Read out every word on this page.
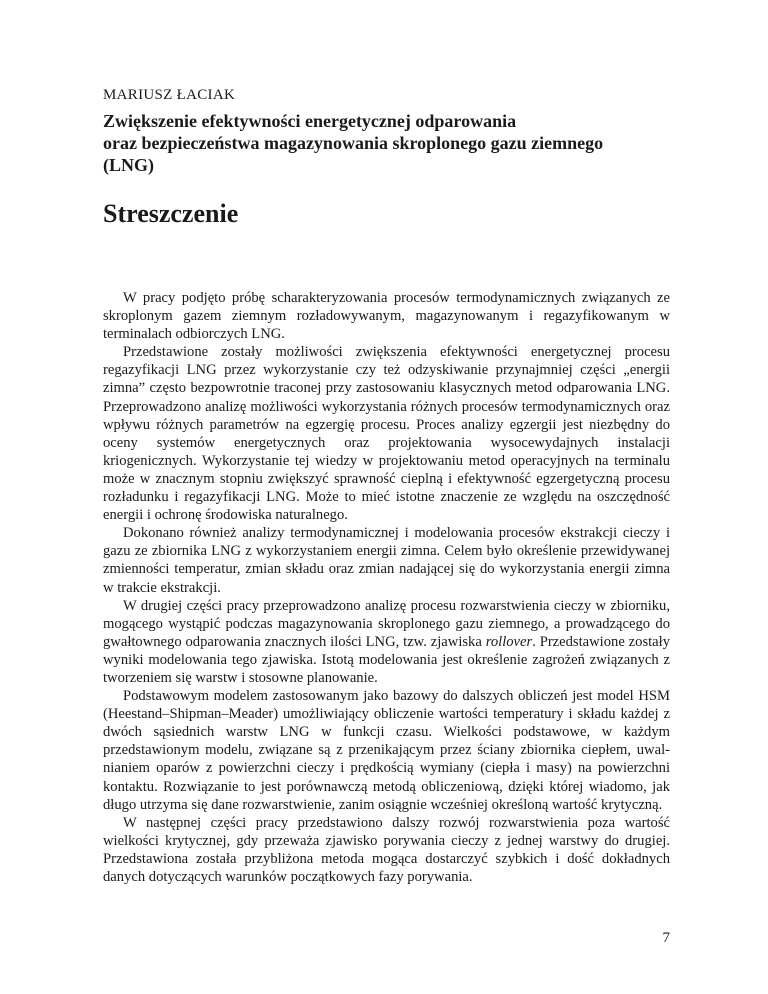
MARIUSZ ŁACIAK
Zwiększenie efektywności energetycznej odparowania
oraz bezpieczeństwa magazynowania skroplonego gazu ziemnego
(LNG)
Streszczenie

W pracy podjęto próbę scharakteryzowania procesów termodynamicznych związanych ze skroplonym gazem ziemnym rozładowywanym, magazynowanym i regazyfikowanym w terminalach odbiorczych LNG.

Przedstawione zostały możliwości zwiększenia efektywności energetycznej procesu regazyfikacji LNG przez wykorzystanie czy też odzyskiwanie przynajmniej części „energii zimna” często bezpowrotnie traconej przy zastosowaniu klasycznych metod odparowania LNG. Przeprowadzono analizę możliwości wykorzystania różnych procesów termodynamicznych oraz wpływu różnych parametrów na egzergię procesu. Proces analizy egzergii jest niezbędny do oceny systemów energetycznych oraz projektowania wysocewydajnych instalacji kriogenicznych. Wykorzystanie tej wiedzy w projektowaniu metod operacyjnych na terminalu może w znacznym stopniu zwiększyć sprawność cieplną i efektywność egzergetyczną procesu rozładunku i regazyfikacji LNG. Może to mieć istotne znaczenie ze względu na oszczędność energii i ochronę środowiska naturalnego.

Dokonano również analizy termodynamicznej i modelowania procesów ekstrakcji cieczy i gazu ze zbiornika LNG z wykorzystaniem energii zimna. Celem było określenie przewidywanej zmienności temperatur, zmian składu oraz zmian nadającej się do wykorzystania energii zimna w trakcie ekstrakcji.

W drugiej części pracy przeprowadzono analizę procesu rozwarstwienia cieczy w zbiorniku, mogącego wystąpić podczas magazynowania skroplonego gazu ziemnego, a prowadzącego do gwałtownego odparowania znacznych ilości LNG, tzw. zjawiska rollover. Przedstawione zostały wyniki modelowania tego zjawiska. Istotą modelowania jest określenie zagrożeń związanych z tworzeniem się warstw i stosowne planowanie.

Podstawowym modelem zastosowanym jako bazowy do dalszych obliczeń jest model HSM (Heestand–Shipman–Meader) umożliwiający obliczenie wartości temperatury i składu każdej z dwóch sąsiednich warstw LNG w funkcji czasu. Wielkości podstawowe, w każdym przedstawionym modelu, związane są z przenikającym przez ściany zbiornika ciepłem, uwalnianiem oparów z powierzchni cieczy i prędkością wymiany (ciepła i masy) na powierzchni kontaktu. Rozwiązanie to jest porównawczą metodą obliczeniową, dzięki której wiadomo, jak długo utrzyma się dane rozwarstwienie, zanim osiągnie wcześniej określoną wartość krytyczną.

W następnej części pracy przedstawiono dalszy rozwój rozwarstwienia poza wartość wielkości krytycznej, gdy przeważa zjawisko porywania cieczy z jednej warstwy do drugiej. Przedstawiona została przybliżona metoda mogąca dostarczyć szybkich i dość dokładnych danych dotyczących warunków początkowych fazy porywania.

7
